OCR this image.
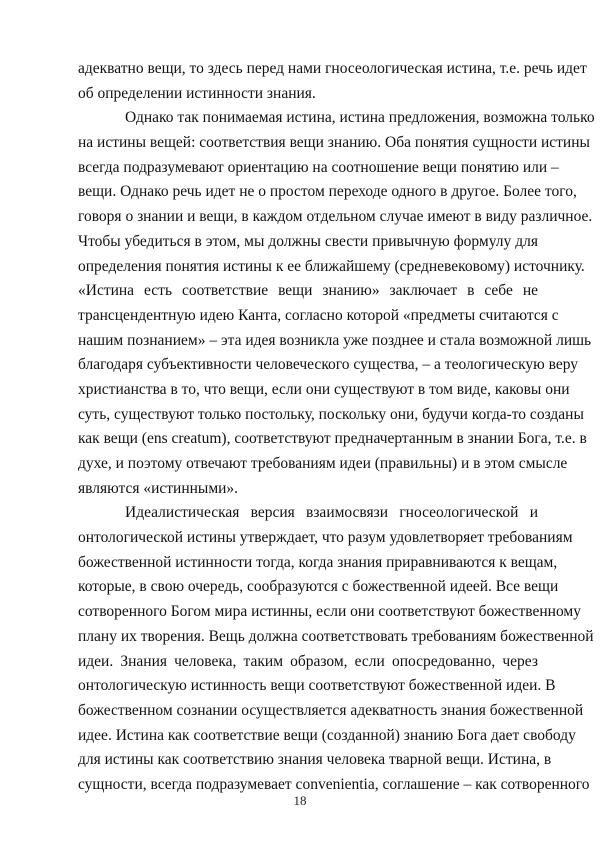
адекватно вещи, то здесь перед нами гносеологическая истина, т.е. речь идет
об определении истинности знания.
Однако так понимаемая истина, истина предложения, возможна только
на истины вещей: соответствия вещи знанию. Оба понятия сущности истины
всегда подразумевают ориентацию на соотношение вещи понятию или –
вещи. Однако речь идет не о простом переходе одного в другое. Более того,
говоря о знании и вещи, в каждом отдельном случае имеют в виду различное.
Чтобы убедиться в этом, мы должны свести привычную формулу для
определения понятия истины к ее ближайшему (средневековому) источнику.
«Истина есть соответствие вещи знанию» заключает в себе не
трансцендентную идею Канта, согласно которой «предметы считаются с
нашим познанием» – эта идея возникла уже позднее и стала возможной лишь
благодаря субъективности человеческого существа, – а теологическую веру
христианства в то, что вещи, если они существуют в том виде, каковы они
суть, существуют только постольку, поскольку они, будучи когда-то созданы
как вещи (ens creatum), соответствуют предначертанным в знании Бога, т.е. в
духе, и поэтому отвечают требованиям идеи (правильны) и в этом смысле
являются «истинными».
Идеалистическая версия взаимосвязи гносеологической и
онтологической истины утверждает, что разум удовлетворяет требованиям
божественной истинности тогда, когда знания приравниваются к вещам,
которые, в свою очередь, сообразуются с божественной идеей. Все вещи
сотворенного Богом мира истинны, если они соответствуют божественному
плану их творения. Вещь должна соответствовать требованиям божественной
идеи. Знания человека, таким образом, если опосредованно, через
онтологическую истинность вещи соответствуют божественной идеи. В
божественном сознании осуществляется адекватность знания божественной
идее. Истина как соответствие вещи (созданной) знанию Бога дает свободу
для истины как соответствию знания человека тварной вещи. Истина, в
сущности, всегда подразумевает convenientia, соглашение – как сотворенного
18
